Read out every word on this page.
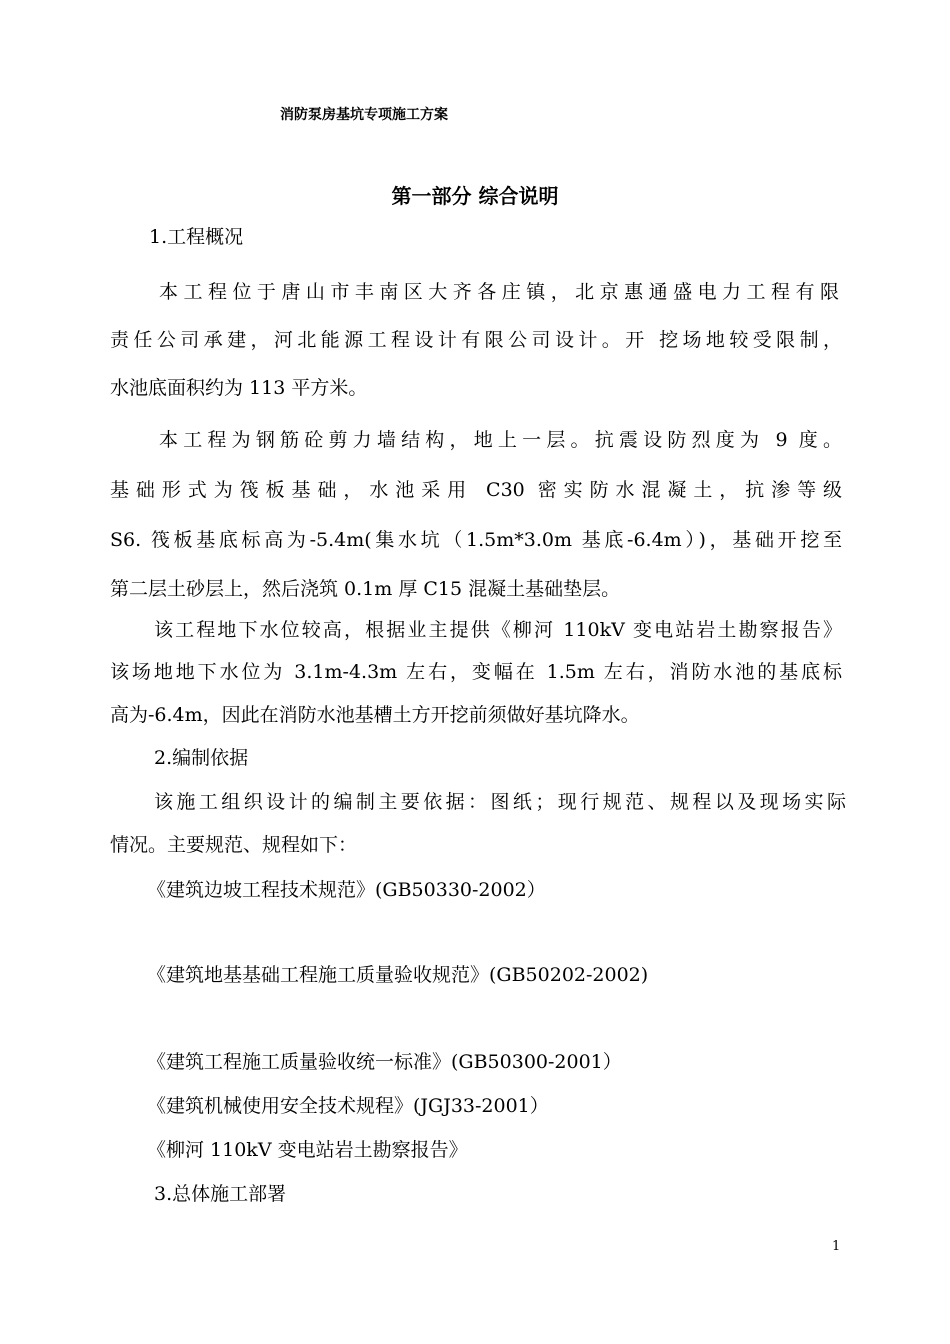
消防泵房基坑专项施工方案
第一部分 综合说明
1.工程概况
本工程位于唐山市丰南区大齐各庄镇，北京惠通盛电力工程有限
责任公司承建，河北能源工程设计有限公司设计。开 挖场地较受限制，
水池底面积约为 113 平方米。
本工程为钢筋砼剪力墙结构，地上一层。抗震设防烈度为 9 度。
基础形式为筏板基础，水池采用 C30 密实防水混凝土，抗渗等级
S6. 筏板基底标高为-5.4m(集水坑（1.5m*3.0m 基底-6.4m）)，基础开挖至
第二层土砂层上，然后浇筑 0.1m 厚 C15 混凝土基础垫层。
该工程地下水位较高，根据业主提供《柳河 110kV 变电站岩土勘察报告》
该场地地下水位为 3.1m-4.3m 左右，变幅在 1.5m 左右，消防水池的基底标
高为-6.4m，因此在消防水池基槽土方开挖前须做好基坑降水。
2.编制依据
该施工组织设计的编制主要依据：图纸；现行规范、规程以及现场实际
情况。主要规范、规程如下：
《建筑边坡工程技术规范》(GB50330-2002）
《建筑地基基础工程施工质量验收规范》(GB50202-2002)
《建筑工程施工质量验收统一标准》(GB50300-2001）
《建筑机械使用安全技术规程》(JGJ33-2001）
《柳河 110kV 变电站岩土勘察报告》
3.总体施工部署
1
